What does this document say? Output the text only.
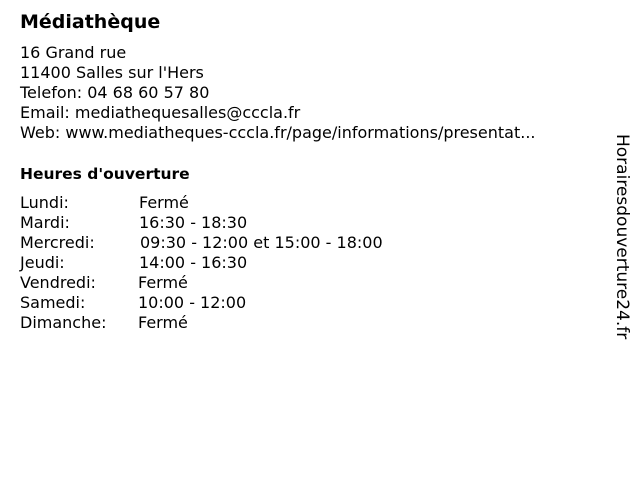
Médiathèque
16 Grand rue
11400 Salles sur l'Hers
Telefon: 04 68 60 57 80
Email: mediathequesalles@cccla.fr
Web: www.mediatheques-cccla.fr/page/informations/presentat...
Heures d'ouverture
Lundi:	Fermé
Mardi:	16:30 - 18:30
Mercredi:	09:30 - 12:00 et 15:00 - 18:00
Jeudi:	14:00 - 16:30
Vendredi:	Fermé
Samedi:	10:00 - 12:00
Dimanche: Fermé	Horairesdouverture24.fr
